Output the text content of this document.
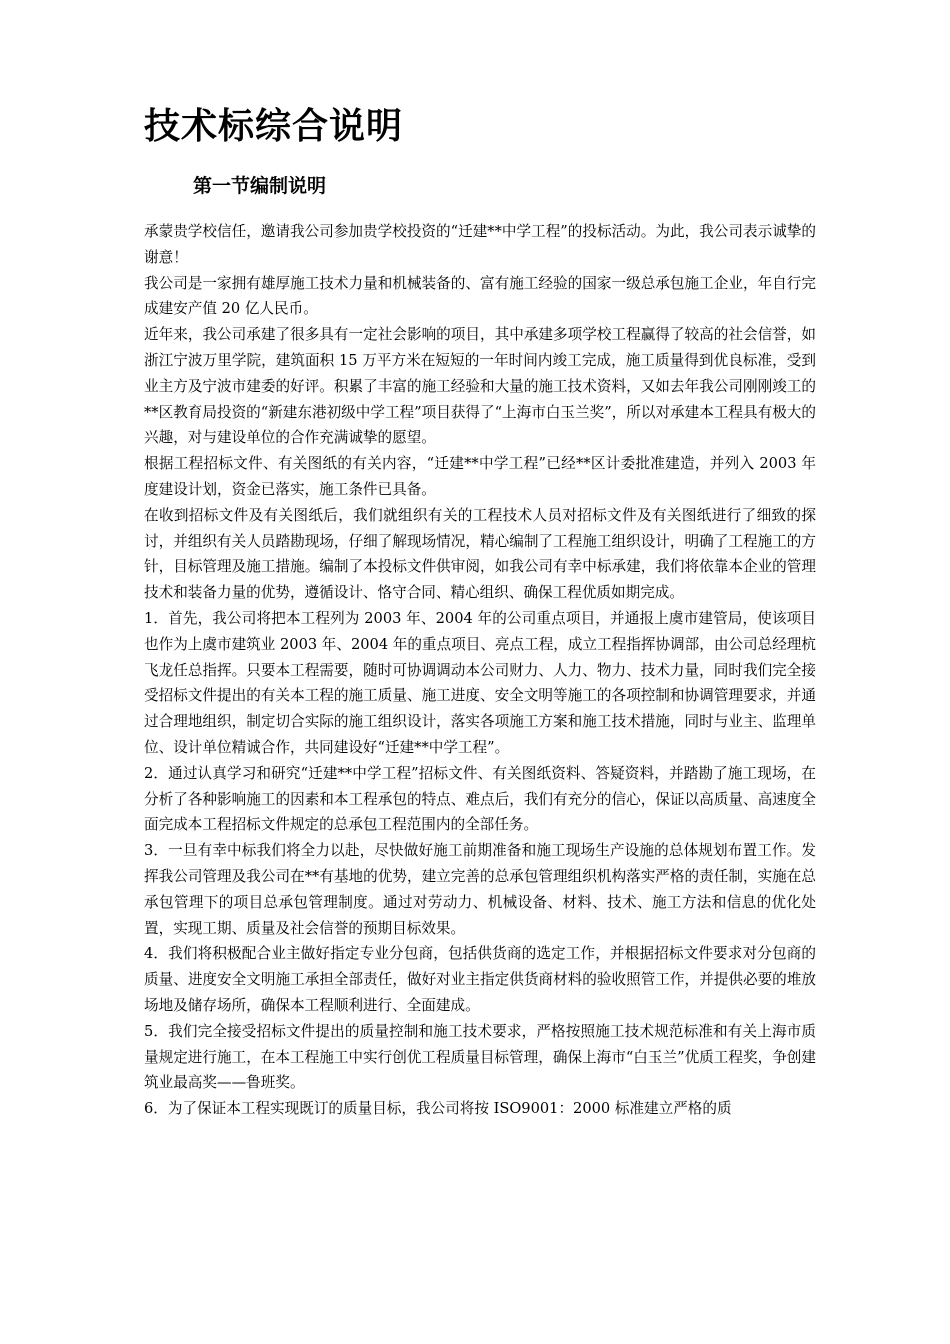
技术标综合说明
第一节编制说明

承蒙贵学校信任，邀请我公司参加贵学校投资的“迁建**中学工程”的投标活动。为此，我公司表示诚挚的谢意！

我公司是一家拥有雄厚施工技术力量和机械装备的、富有施工经验的国家一级总承包施工企业，年自行完成建安产值 20 亿人民币。

近年来，我公司承建了很多具有一定社会影响的项目，其中承建多项学校工程赢得了较高的社会信誉，如浙江宁波万里学院，建筑面积 15 万平方米在短短的一年时间内竣工完成，施工质量得到优良标准，受到业主方及宁波市建委的好评。积累了丰富的施工经验和大量的施工技术资料，又如去年我公司刚刚竣工的**区教育局投资的“新建东港初级中学工程”项目获得了“上海市白玉兰奖”，所以对承建本工程具有极大的兴趣，对与建设单位的合作充满诚挚的愿望。

根据工程招标文件、有关图纸的有关内容，“迁建**中学工程”已经**区计委批准建造，并列入 2003 年度建设计划，资金已落实，施工条件已具备。

在收到招标文件及有关图纸后，我们就组织有关的工程技术人员对招标文件及有关图纸进行了细致的探讨，并组织有关人员踏勘现场，仔细了解现场情况，精心编制了工程施工组织设计，明确了工程施工的方针，目标管理及施工措施。编制了本投标文件供审阅，如我公司有幸中标承建，我们将依靠本企业的管理技术和装备力量的优势，遵循设计、恪守合同、精心组织、确保工程优质如期完成。

1．首先，我公司将把本工程列为 2003 年、2004 年的公司重点项目，并通报上虞市建管局，使该项目也作为上虞市建筑业 2003 年、2004 年的重点项目、亮点工程，成立工程指挥协调部，由公司总经理杭飞龙任总指挥。只要本工程需要，随时可协调调动本公司财力、人力、物力、技术力量，同时我们完全接受招标文件提出的有关本工程的施工质量、施工进度、安全文明等施工的各项控制和协调管理要求，并通过合理地组织，制定切合实际的施工组织设计，落实各项施工方案和施工技术措施，同时与业主、监理单位、设计单位精诚合作，共同建设好“迁建**中学工程”。

2．通过认真学习和研究“迁建**中学工程”招标文件、有关图纸资料、答疑资料，并踏勘了施工现场，在分析了各种影响施工的因素和本工程承包的特点、难点后，我们有充分的信心，保证以高质量、高速度全面完成本工程招标文件规定的总承包工程范围内的全部任务。

3．一旦有幸中标我们将全力以赴，尽快做好施工前期准备和施工现场生产设施的总体规划布置工作。发挥我公司管理及我公司在**有基地的优势，建立完善的总承包管理组织机构落实严格的责任制，实施在总承包管理下的项目总承包管理制度。通过对劳动力、机械设备、材料、技术、施工方法和信息的优化处置，实现工期、质量及社会信誉的预期目标效果。

4．我们将积极配合业主做好指定专业分包商，包括供货商的选定工作，并根据招标文件要求对分包商的质量、进度安全文明施工承担全部责任，做好对业主指定供货商材料的验收照管工作，并提供必要的堆放场地及储存场所，确保本工程顺利进行、全面建成。

5．我们完全接受招标文件提出的质量控制和施工技术要求，严格按照施工技术规范标准和有关上海市质量规定进行施工，在本工程施工中实行创优工程质量目标管理，确保上海市“白玉兰”优质工程奖，争创建筑业最高奖——鲁班奖。

6．为了保证本工程实现既订的质量目标，我公司将按 ISO9001：2000 标准建立严格的质
